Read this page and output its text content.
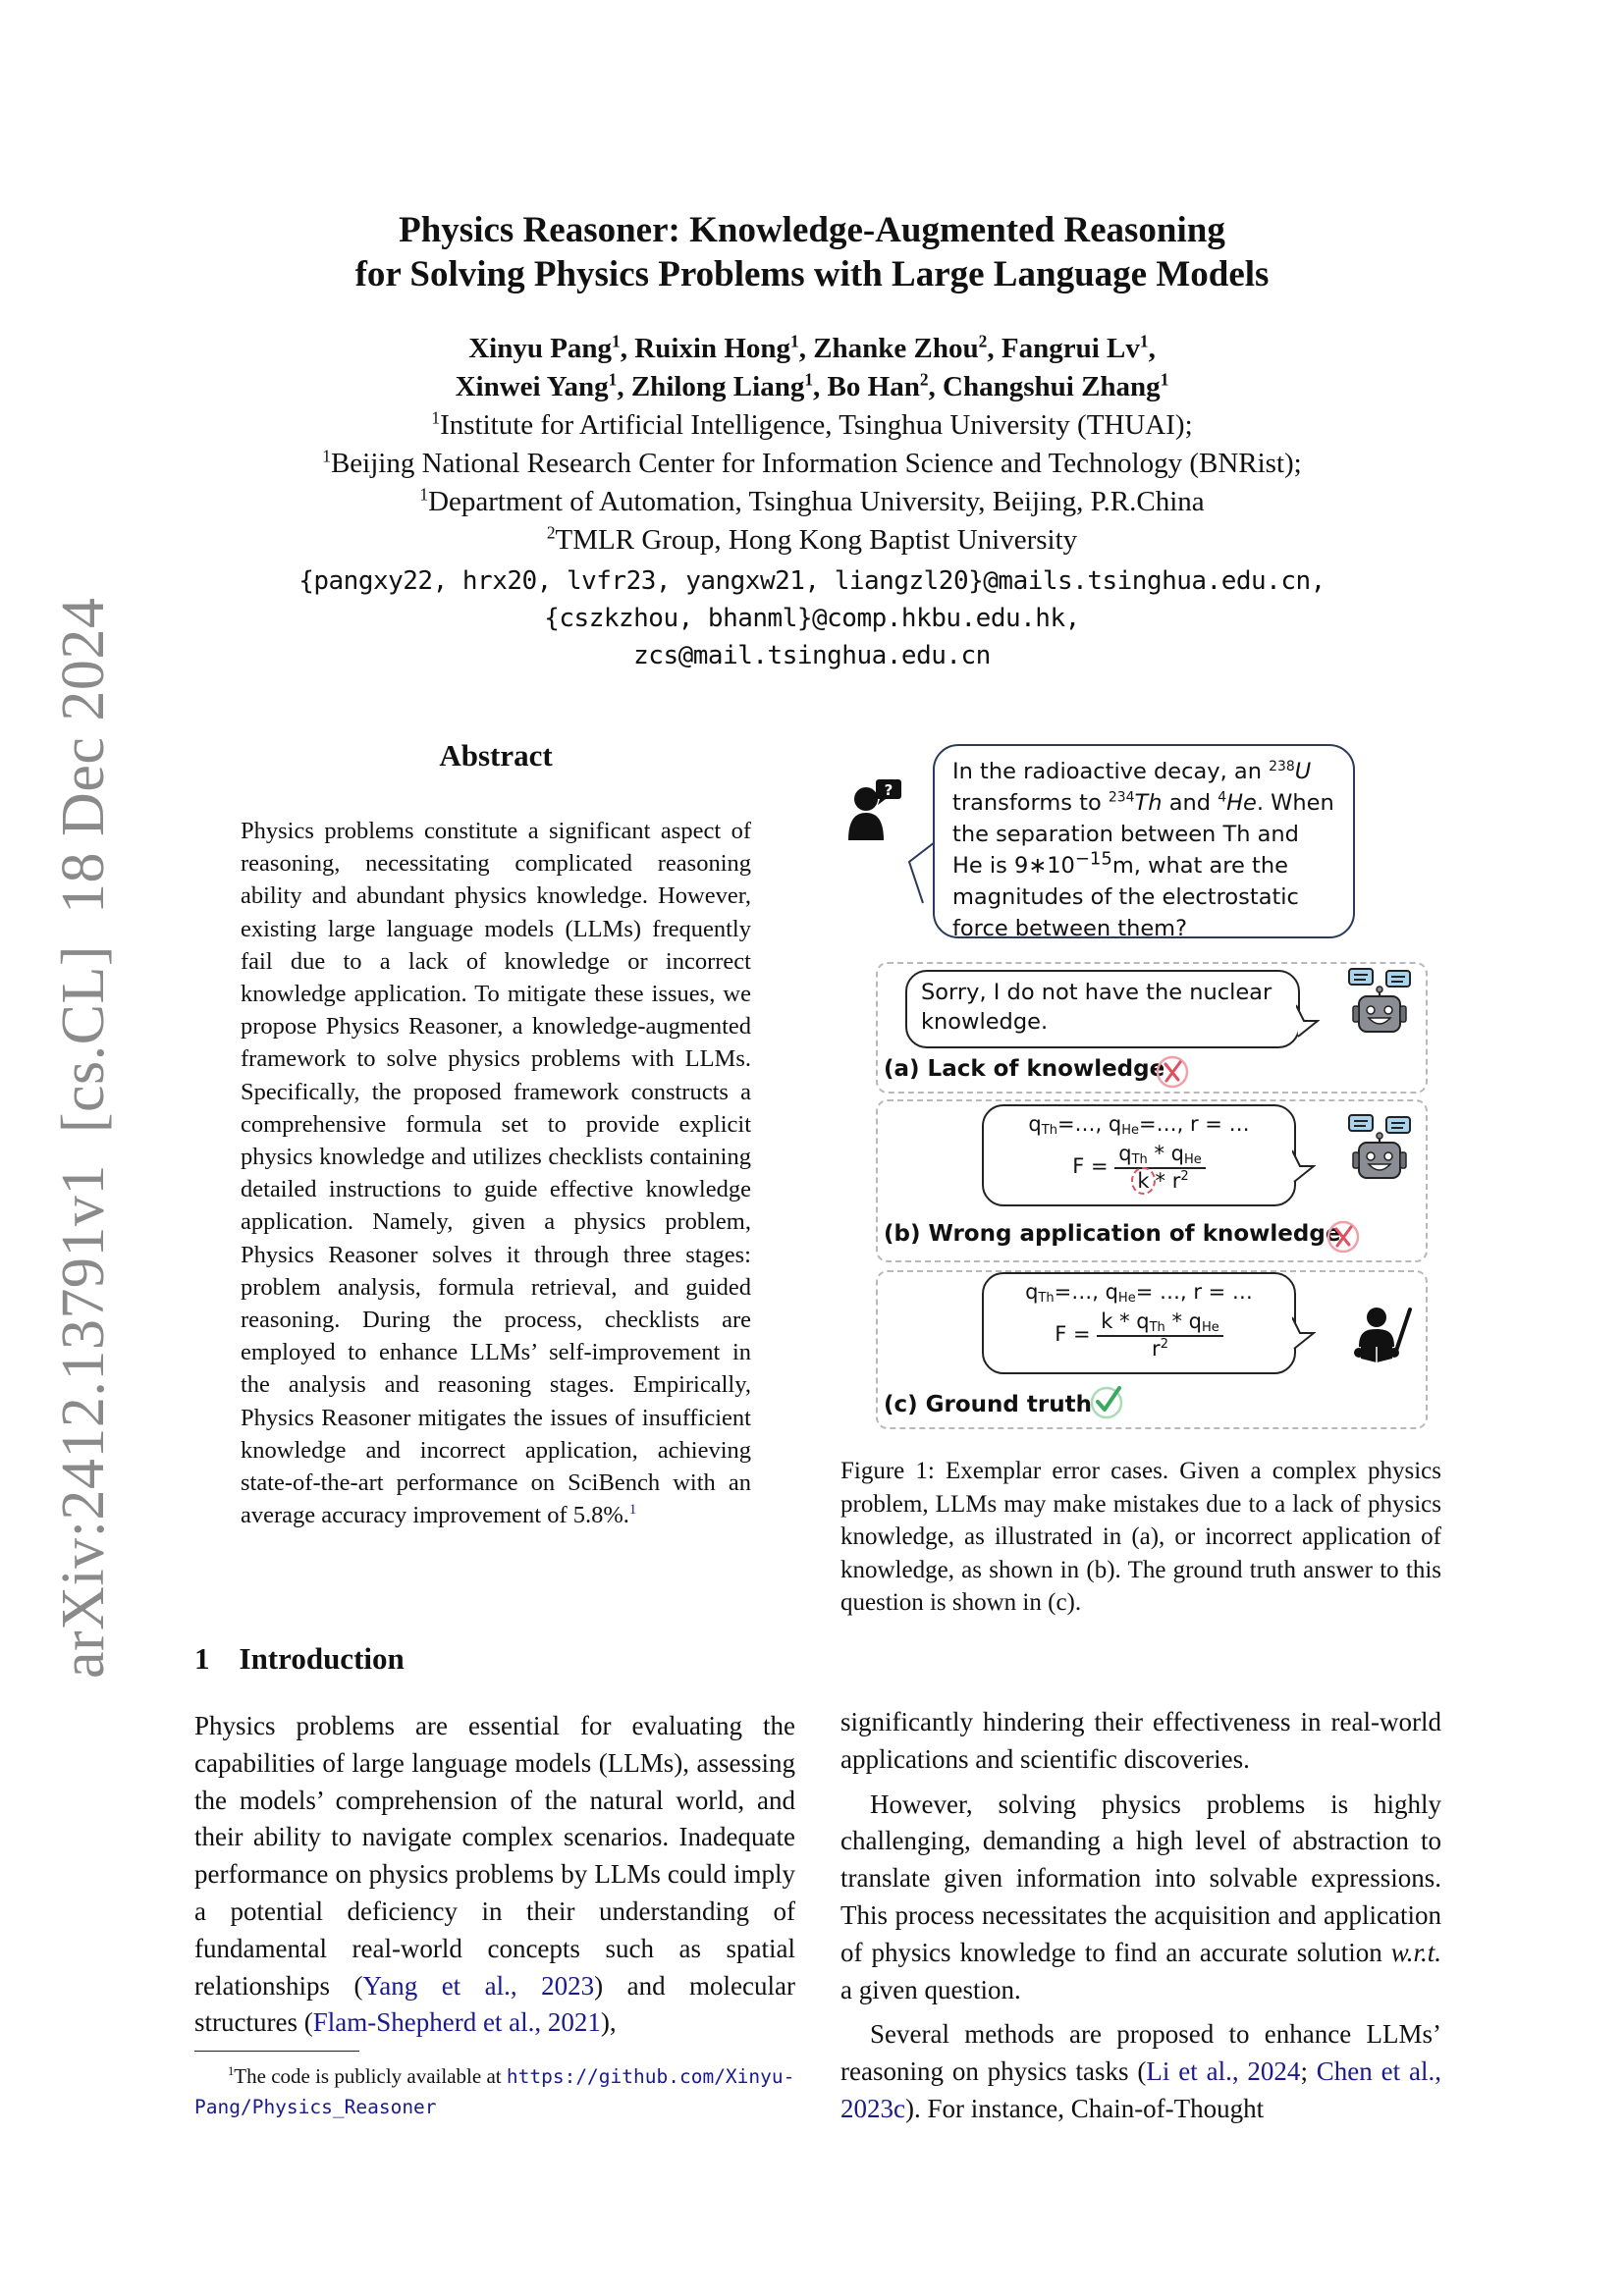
Physics Reasoner: Knowledge-Augmented Reasoning
for Solving Physics Problems with Large Language Models
Xinyu Pang$^1$, Ruixin Hong$^1$, Zhanke Zhou$^2$, Fangrui Lv$^1$,
Xinwei Yang$^1$, Zhilong Liang$^1$, Bo Han$^2$, Changshui Zhang$^1$
$^1$Institute for Artificial Intelligence, Tsinghua University (THUAI);
$^1$Beijing National Research Center for Information Science and Technology (BNRist);
$^1$Department of Automation, Tsinghua University, Beijing, P.R.China
$^2$TMLR Group, Hong Kong Baptist University
{pangxy22, hrx20, lvfr23, yangxw21, liangzl20}@mails.tsinghua.edu.cn,
{cszkzhou, bhanml}@comp.hkbu.edu.hk,
zcs@mail.tsinghua.edu.cn
arXiv:2412.13791v1  [cs.CL]  18 Dec 2024	Abstract
Physics problems constitute a significant aspect of reasoning, necessitating complicated reasoning ability and abundant physics knowledge. However, existing large language models (LLMs) frequently fail due to a lack of knowledge or incorrect knowledge application. To mitigate these issues, we propose Physics Reasoner, a knowledge-augmented framework to solve physics problems with LLMs. Specifically, the proposed framework constructs a comprehensive formula set to provide explicit physics knowledge and utilizes checklists containing detailed instructions to guide effective knowledge application. Namely, given a physics problem, Physics Reasoner solves it through three stages: problem analysis, formula retrieval, and guided reasoning. During the process, checklists are employed to enhance LLMs’ self-improvement in the analysis and reasoning stages. Empirically, Physics Reasoner mitigates the issues of insufficient knowledge and incorrect application, achieving state-of-the-art performance on SciBench with an average accuracy improvement of 5.8%.$^1$
?
In the radioactive decay, an $^{238}$U transforms to $^{234}$Th and $^4$He. When the separation between Th and He is $9∗10^{-15}m$, what are the magnitudes of the electrostatic force between them?
Sorry, I do not have the nuclear knowledge.
(a) Lack of knowledge
$q_{Th}=\dots$, $q_{He}=\dots$, r = …
$F = \frac{q_{Th} * q_{He}}{k * r^2}$
(b) Wrong application of knowledge
$q_{Th}=\dots$, $q_{He}=$ …, r = …
$F = \frac{k * q_{Th} * q_{He}}{r^2}$
(c) Ground truth
Figure 1: Exemplar error cases. Given a complex physics problem, LLMs may make mistakes due to a lack of physics knowledge, as illustrated in (a), or incorrect application of knowledge, as shown in (b). The ground truth answer to this question is shown in (c).
1 Introduction
Physics problems are essential for evaluating the capabilities of large language models (LLMs), assessing the models’ comprehension of the natural world, and their ability to navigate complex scenarios. Inadequate performance on physics problems by LLMs could imply a potential deficiency in their understanding of fundamental real-world concepts such as spatial relationships (Yang et al., 2023) and molecular structures (Flam-Shepherd et al., 2021),

significantly hindering their effectiveness in real-world applications and scientific discoveries.

However, solving physics problems is highly challenging, demanding a high level of abstraction to translate given information into solvable expressions. This process necessitates the acquisition and application of physics knowledge to find an accurate solution w.r.t. a given question.

Several methods are proposed to enhance LLMs’ reasoning on physics tasks (Li et al., 2024; Chen et al., 2023c). For instance, Chain-of-Thought

$^1$The code is publicly available at https://github.com/Xinyu-Pang/Physics_Reasoner
